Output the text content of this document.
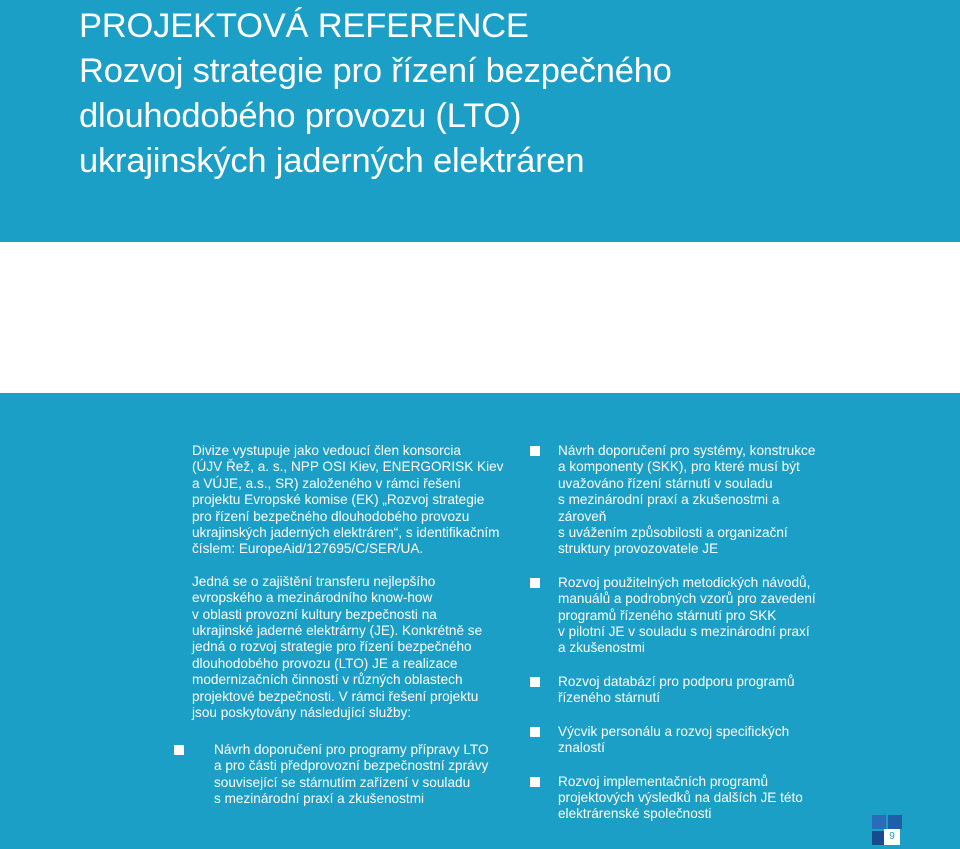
PROJEKTOVÁ REFERENCE
Rozvoj strategie pro řízení bezpečného
dlouhodobého provozu (LTO)
ukrajinských jaderných elektráren

Divize vystupuje jako vedoucí člen konsorcia
(ÚJV Řež, a. s., NPP OSI Kiev, ENERGORISK Kiev
a VÚJE, a.s., SR) založeného v rámci řešení
projektu Evropské komise (EK) „Rozvoj strategie
pro řízení bezpečného dlouhodobého provozu
ukrajinských jaderných elektráren“, s identifikačním
číslem: EuropeAid/127695/C/SER/UA.

Jedná se o zajištění transferu nejlepšího
evropského a mezinárodního know-how
v oblasti provozní kultury bezpečnosti na
ukrajinské jaderné elektrárny (JE). Konkrétně se
jedná o rozvoj strategie pro řízení bezpečného
dlouhodobého provozu (LTO) JE a realizace
modernizačních činností v různých oblastech
projektové bezpečnosti. V rámci řešení projektu
jsou poskytovány následující služby:

Návrh doporučení pro programy přípravy LTO
a pro části předprovozní bezpečnostní zprávy
související se stárnutím zařízení v souladu
s mezinárodní praxí a zkušenostmi

Návrh doporučení pro systémy, konstrukce
a komponenty (SKK), pro které musí být
uvažováno řízení stárnutí v souladu
s mezinárodní praxí a zkušenostmi a zároveň
s uvážením způsobilosti a organizační
struktury provozovatele JE

Rozvoj použitelných metodických návodů,
manuálů a podrobných vzorů pro zavedení
programů řízeného stárnutí pro SKK
v pilotní JE v souladu s mezinárodní praxí
a zkušenostmi

Rozvoj databází pro podporu programů
řízeného stárnutí

Výcvik personálu a rozvoj specifických
znalostí

Rozvoj implementačních programů
projektových výsledků na dalších JE této
elektrárenské společnosti

9
